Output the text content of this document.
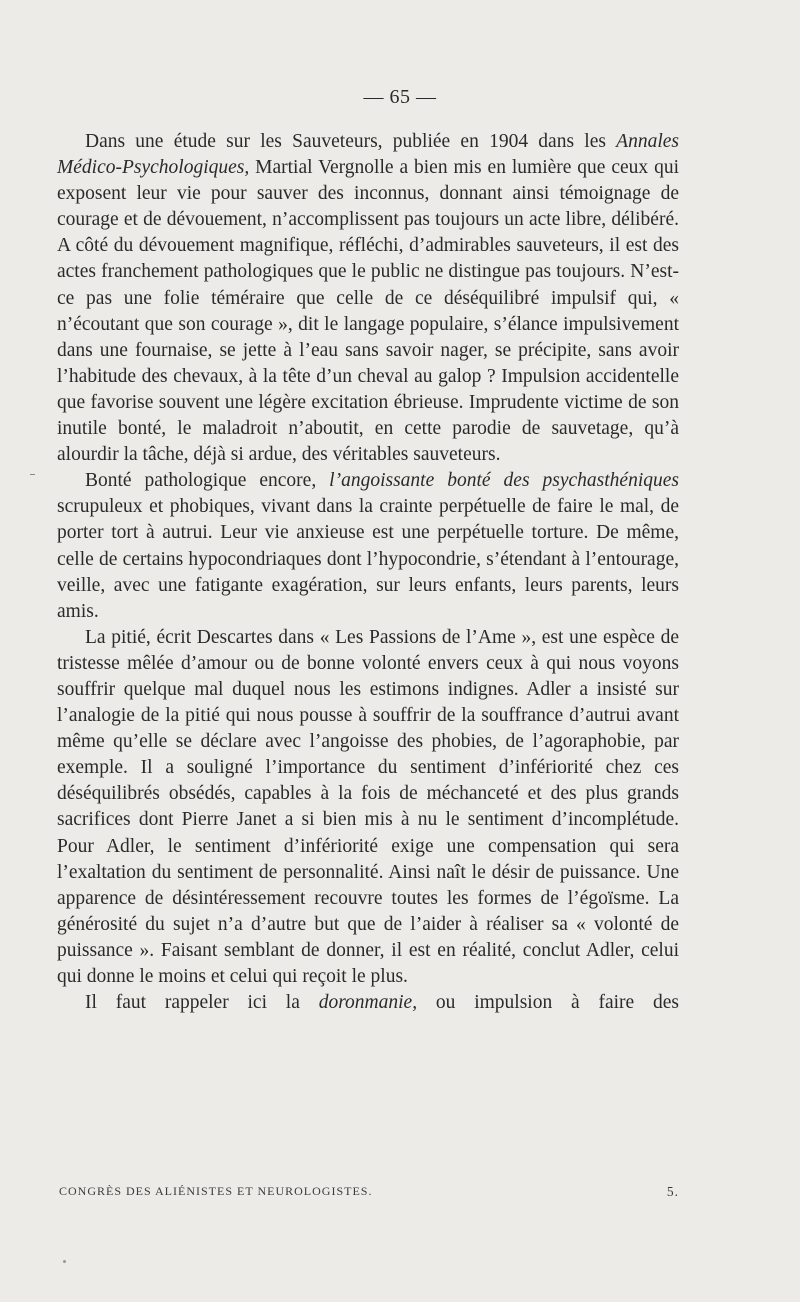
— 65 —

Dans une étude sur les Sauveteurs, publiée en 1904 dans les Annales Médico-Psychologiques, Martial Vergnolle a bien mis en lumière que ceux qui exposent leur vie pour sauver des inconnus, donnant ainsi témoignage de courage et de dévouement, n’accomplissent pas toujours un acte libre, délibéré. A côté du dévouement magnifique, réfléchi, d’admirables sauveteurs, il est des actes franchement pathologiques que le public ne distingue pas toujours. N’est-ce pas une folie téméraire que celle de ce déséquilibré impulsif qui, « n’écoutant que son courage », dit le langage populaire, s’élance impulsivement dans une fournaise, se jette à l’eau sans savoir nager, se précipite, sans avoir l’habitude des chevaux, à la tête d’un cheval au galop ? Impulsion accidentelle que favorise souvent une légère excitation ébrieuse. Imprudente victime de son inutile bonté, le maladroit n’aboutit, en cette parodie de sauvetage, qu’à alourdir la tâche, déjà si ardue, des véritables sauveteurs.

Bonté pathologique encore, l’angoissante bonté des psychasthéniques scrupuleux et phobiques, vivant dans la crainte perpétuelle de faire le mal, de porter tort à autrui. Leur vie anxieuse est une perpétuelle torture. De même, celle de certains hypocondriaques dont l’hypocondrie, s’étendant à l’entourage, veille, avec une fatigante exagération, sur leurs enfants, leurs parents, leurs amis.

La pitié, écrit Descartes dans « Les Passions de l’Ame », est une espèce de tristesse mêlée d’amour ou de bonne volonté envers ceux à qui nous voyons souffrir quelque mal duquel nous les estimons indignes. Adler a insisté sur l’analogie de la pitié qui nous pousse à souffrir de la souffrance d’autrui avant même qu’elle se déclare avec l’angoisse des phobies, de l’agoraphobie, par exemple. Il a souligné l’importance du sentiment d’infériorité chez ces déséquilibrés obsédés, capables à la fois de méchanceté et des plus grands sacrifices dont Pierre Janet a si bien mis à nu le sentiment d’incomplétude. Pour Adler, le sentiment d’infériorité exige une compensation qui sera l’exaltation du sentiment de personnalité. Ainsi naît le désir de puissance. Une apparence de désintéressement recouvre toutes les formes de l’égoïsme. La générosité du sujet n’a d’autre but que de l’aider à réaliser sa « volonté de puissance ». Faisant semblant de donner, il est en réalité, conclut Adler, celui qui donne le moins et celui qui reçoit le plus.

Il faut rappeler ici la doronmanie, ou impulsion à faire des

CONGRÈS DES ALIÉNISTES ET NEUROLOGISTES.	5.
